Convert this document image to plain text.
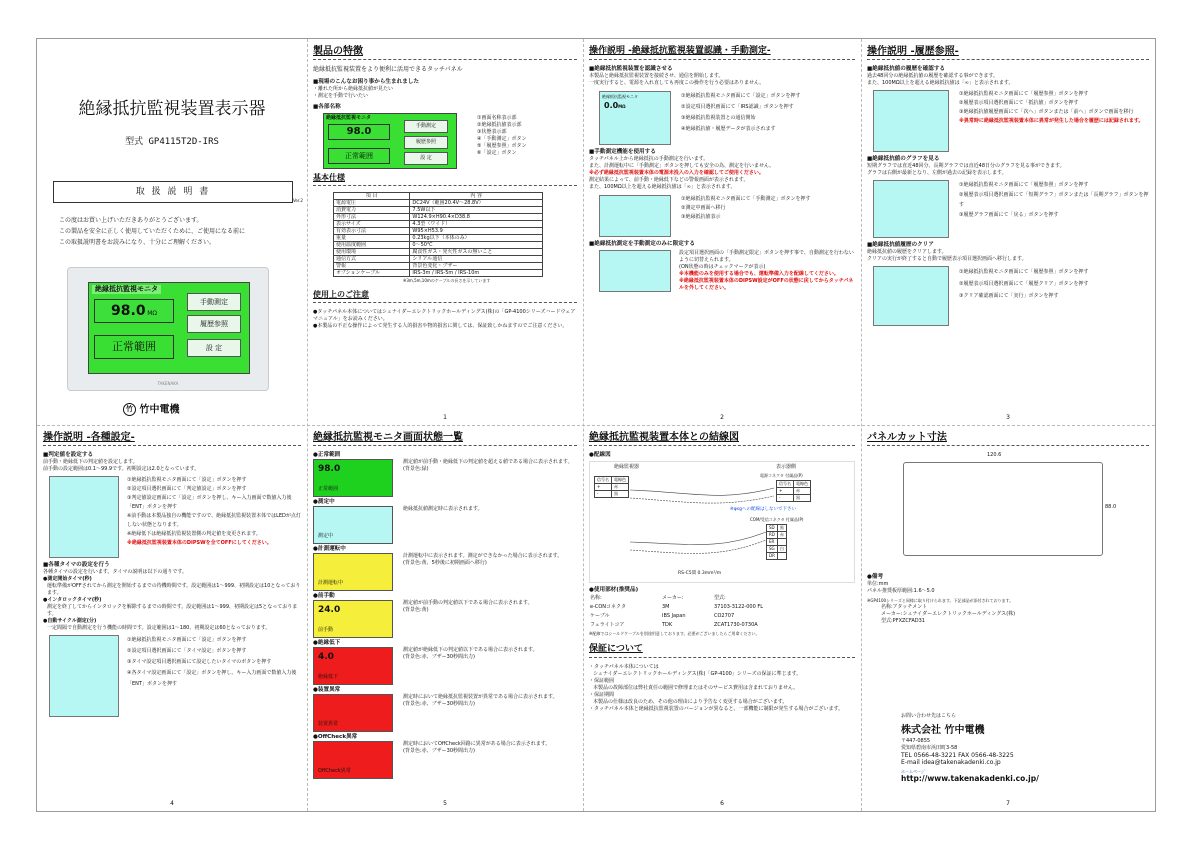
絶縁抵抗監視装置表示器
型式 GP4115T2D-IRS
取 扱 説 明 書
Ver.2
この度はお買い上げいただきありがとうございます。
この製品を安全に正しく使用していただくために、ご使用になる前に
この取扱説明書をお読みになり、十分にご理解ください。
絶縁抵抗監視モニタ
98.0 MΩ
正常範囲
手動測定
履歴参照
設 定
TAKENAKA
竹 竹中電機
製品の特徴
絶縁抵抗監視装置をより便利に活用できるタッチパネル
■現場のこんなお困り事から生まれました
・離れた所から絶縁抵抗値が見たい
・測定を手動で行いたい
■各部名称
絶縁抵抗監視モニタ
98.0
正常範囲
手動測定
履歴参照
設 定
①画面名称表示部
②絶縁抵抗値表示部
③状態表示部
④「手動測定」ボタン
⑤「履歴参照」ボタン
⑥「設定」ボタン
基本仕様
項 目	内 容
電源電圧	DC24V（範囲20.4V〜28.8V）
消費電力	7.5W以下
外形寸法	W124.9×H90.4×D38.8
表示サイズ	4.3型（ワイド）
有効表示寸法	W95×H53.9
重量	0.23kg以下（本体のみ）
使用温度範囲	0〜50℃
使用環境	腐食性ガス・発火性ガスの無いこと
通信方式	シリアル通信
警報	背景色変化・ブザー
オプションケーブル	IRS-3m / IRS-5m / IRS-10m
※3m,5m,10mのケーブルの長さを示しています
使用上のご注意
●タッチパネル本体についてはシュナイダーエレクトリックホールディングス(株)の「GP-4100シリーズハードウェアマニュアル」をお読みください。
●本製品の不正な操作によって発生する人的損害や物的損害に関しては、保証致しかねますのでご注意ください。
1
操作説明 -絶縁抵抗監視装置認識・手動測定-
■絶縁抵抗監視装置を認識させる
本製品と絶縁抵抗監視装置を接続させ、通信を開始します。
一度実行すると、電源を入れ直しても再度この操作を行う必要はありません。
絶縁抵抗監視モニタ
0.0MΩ
①絶縁抵抗監視モニタ画面にて「設定」ボタンを押す
②設定項目選択画面にて「IRS認識」ボタンを押す
③絶縁抵抗監視装置との通信開始
④絶縁抵抗値・履歴データが表示されます
■手動測定機能を使用する
タッチパネル上から絶縁抵抗の手動測定を行います。
また、計測運転中に「手動測定」ボタンを押しても安全の為、測定を行いません。
※必ず絶縁抵抗監視装置本体の電源未投入の入力を確認してご使用ください。
測定結果によって、前手動・絶縁低下などの警報画面が表示されます。
また、100MΩ以上を超える絶縁抵抗値は「∞」と表示されます。
①絶縁抵抗監視モニタ画面にて「手動測定」ボタンを押す
②測定中画面へ移行
③絶縁抵抗値表示
■絶縁抵抗測定を手動測定のみに限定する
設定項目選択画面の「手動測定限定」ボタンを押す事で、自動測定を行わないように切替えられます。
(ON状態の時はチェックマークが表示)
※本機能のみを使用する場合でも、運転準備入力を配線してください。
※絶縁抵抗監視装置本体のDIPSW設定がOFFの状態に戻してからタッチパネルを外してください。
2
操作説明 -履歴参照-
■絶縁抵抗値の履歴を確認する
過去48回分の絶縁抵抗値の履歴を確認する事ができます。
また、100MΩ以上を超える絶縁抵抗値は「∞」と表示されます。
①絶縁抵抗監視モニタ画面にて「履歴参照」ボタンを押す
②履歴表示項目選択画面にて「抵抗値」ボタンを押す
③絶縁抵抗値履歴画面にて「次へ」ボタンまたは「前へ」ボタンで画面を移行
※異常時に絶縁抵抗監視装置本体に異常が発生した場合を履歴には記録されます。
■絶縁抵抗値のグラフを見る
短期グラフでは直近48回分、長期グラフでは直近48日分のグラフを見る事ができます。
グラフは右側が最新となり、左側が過去の記録を表示します。
①絶縁抵抗監視モニタ画面にて「履歴参照」ボタンを押す
②履歴表示項目選択画面にて「短期グラフ」ボタンまたは「長期グラフ」ボタンを押す
③履歴グラフ画面にて「戻る」ボタンを押す
■絶縁抵抗値履歴のクリア
絶縁抵抗値の履歴をクリアします。
クリアの実行が終了すると自動で履歴表示項目選択画面へ移行します。
①絶縁抵抗監視モニタ画面にて「履歴参照」ボタンを押す
②履歴表示項目選択画面にて「履歴クリア」ボタンを押す
③クリア確認画面にて「実行」ボタンを押す
3
操作説明 -各種設定-
■判定値を設定する
前手動・絶縁低下の判定値を設定します。
前手動の設定範囲は0.1〜99.9です。初期設定は2.0となっています。
①絶縁抵抗監視モニタ画面にて「設定」ボタンを押す
②設定項目選択画面にて「判定値設定」ボタンを押す
③判定値設定画面にて「設定」ボタンを押し、キー入力画面で数値入力後「ENT」ボタンを押す
※前手動は本製品独自の機能ですので、絶縁抵抗監視装置本体ではLEDが点灯しない状態となります。
※絶縁低下は絶縁抵抗監視装置側の判定値を変更されます。
※絶縁抵抗監視装置本体のDIPSWを全てOFFにしてください。
■各種タイマの設定を行う
各種タイマの設定を行います。タイマの説明は以下の通りです。
●測定開始タイマ(秒)
運転準備がOFFされてから測定を開始するまでの待機時間です。設定範囲は1〜999、初期設定は10となっております。
●インタロックタイマ(秒)
測定を終了してからインタロックを解除するまでの時間です。設定範囲は1〜999、初期設定は5となっております。
●自動サイクル測定(分)
一定間隔で自動測定を行う機能の時間です。設定範囲は1〜180、初期設定は60となっております。
①絶縁抵抗監視モニタ画面にて「設定」ボタンを押す
②設定項目選択画面にて「タイマ設定」ボタンを押す
③タイマ設定項目選択画面にて設定したいタイマのボタンを押す
④各タイマ設定画面にて「設定」ボタンを押し、キー入力画面で数値入力後「ENT」ボタンを押す
4
絶縁抵抗監視モニタ画面状態一覧
●正常範囲
98.0
正常範囲
測定値が前手動・絶縁低下の判定値を超える値である場合に表示されます。
(背景色:緑)
●測定中
測定中
絶縁抵抗値測定時に表示されます。
●計測運転中
計測運転中
計測運転中に表示されます。測定ができなかった場合に表示されます。
(背景色:黄、5秒後に初期画面へ移行)
●前手動
24.0
前手動
測定値が前手動の判定値以下である場合に表示されます。
(背景色:黄)
●絶縁低下
4.0
絶縁低下
測定値が絶縁低下の判定値以下である場合に表示されます。
(背景色:赤、ブザー30秒間出力)
●装置異常
装置異常
測定時において絶縁抵抗監視装置が異常である場合に表示されます。
(背景色:赤、ブザー30秒間出力)
●OffCheck異常
OffCheck異常
測定時においてOffCheck回路に異常がある場合に表示されます。
(背景色:赤、ブザー30秒間出力)
5
絶縁抵抗監視装置本体との結線図
●配線図
絶縁監視器	表示器側
電源コネクタ 付属品(P)
信号名	電線色
+	赤
-	黒
信号名	電線色
+	赤
-	黒
※φsgへの配線はしないで下さい
COM/受信コネクタ 付属品(P)
SD	黒
RD	赤
ER	
SG	白
DR	
RS-C5間 0.3mm²/m
●使用部材(推奨品)
名称:	メーカー:	型式:
e-CONコネクタ	3M	37103-3122-000 FL
ケーブル	IBS Japan	CO2707
フェライトコア	TDK	ZCAT1730-0730A
※配線ではシールドケーブルを別途用意しております。必要がございましたらご用命ください。
保証について
・タッチパネル本体については
シュナイダーエレクトリックホールディングス(株)「GP-4100」シリーズの保証に準じます。
・保証範囲
本製品の故障部位は弊社責任の範囲で修理またはそのサービス費用は含まれておりません。
・保証期間
本製品の仕様は改良のため、その他の理由により予告なく変更する場合がございます。
・タッチパネル本体と絶縁抵抗監視装置のバージョンが異なると、一部機能に制限が発生する場合がございます。
6
パネルカット寸法
120.6
88.0
●備考
単位:mm
パネル推奨板厚範囲:1.6〜5.0
※GP4100シリーズと同様に取り付けられます。下記部品が添付されております。
名称:アタッチメント
メーカー:シュナイダーエレクトリックホールディングス(株)
型式:PFXZCFAD31
お問い合わせ先はこちら
株式会社 竹中電機
〒447-0855
愛知県碧南市浜田町3-58
TEL 0566-48-3221 FAX 0566-48-3225
E-mail idea@takenakadenki.co.jp
ホームページ
http://www.takenakadenki.co.jp/
7
